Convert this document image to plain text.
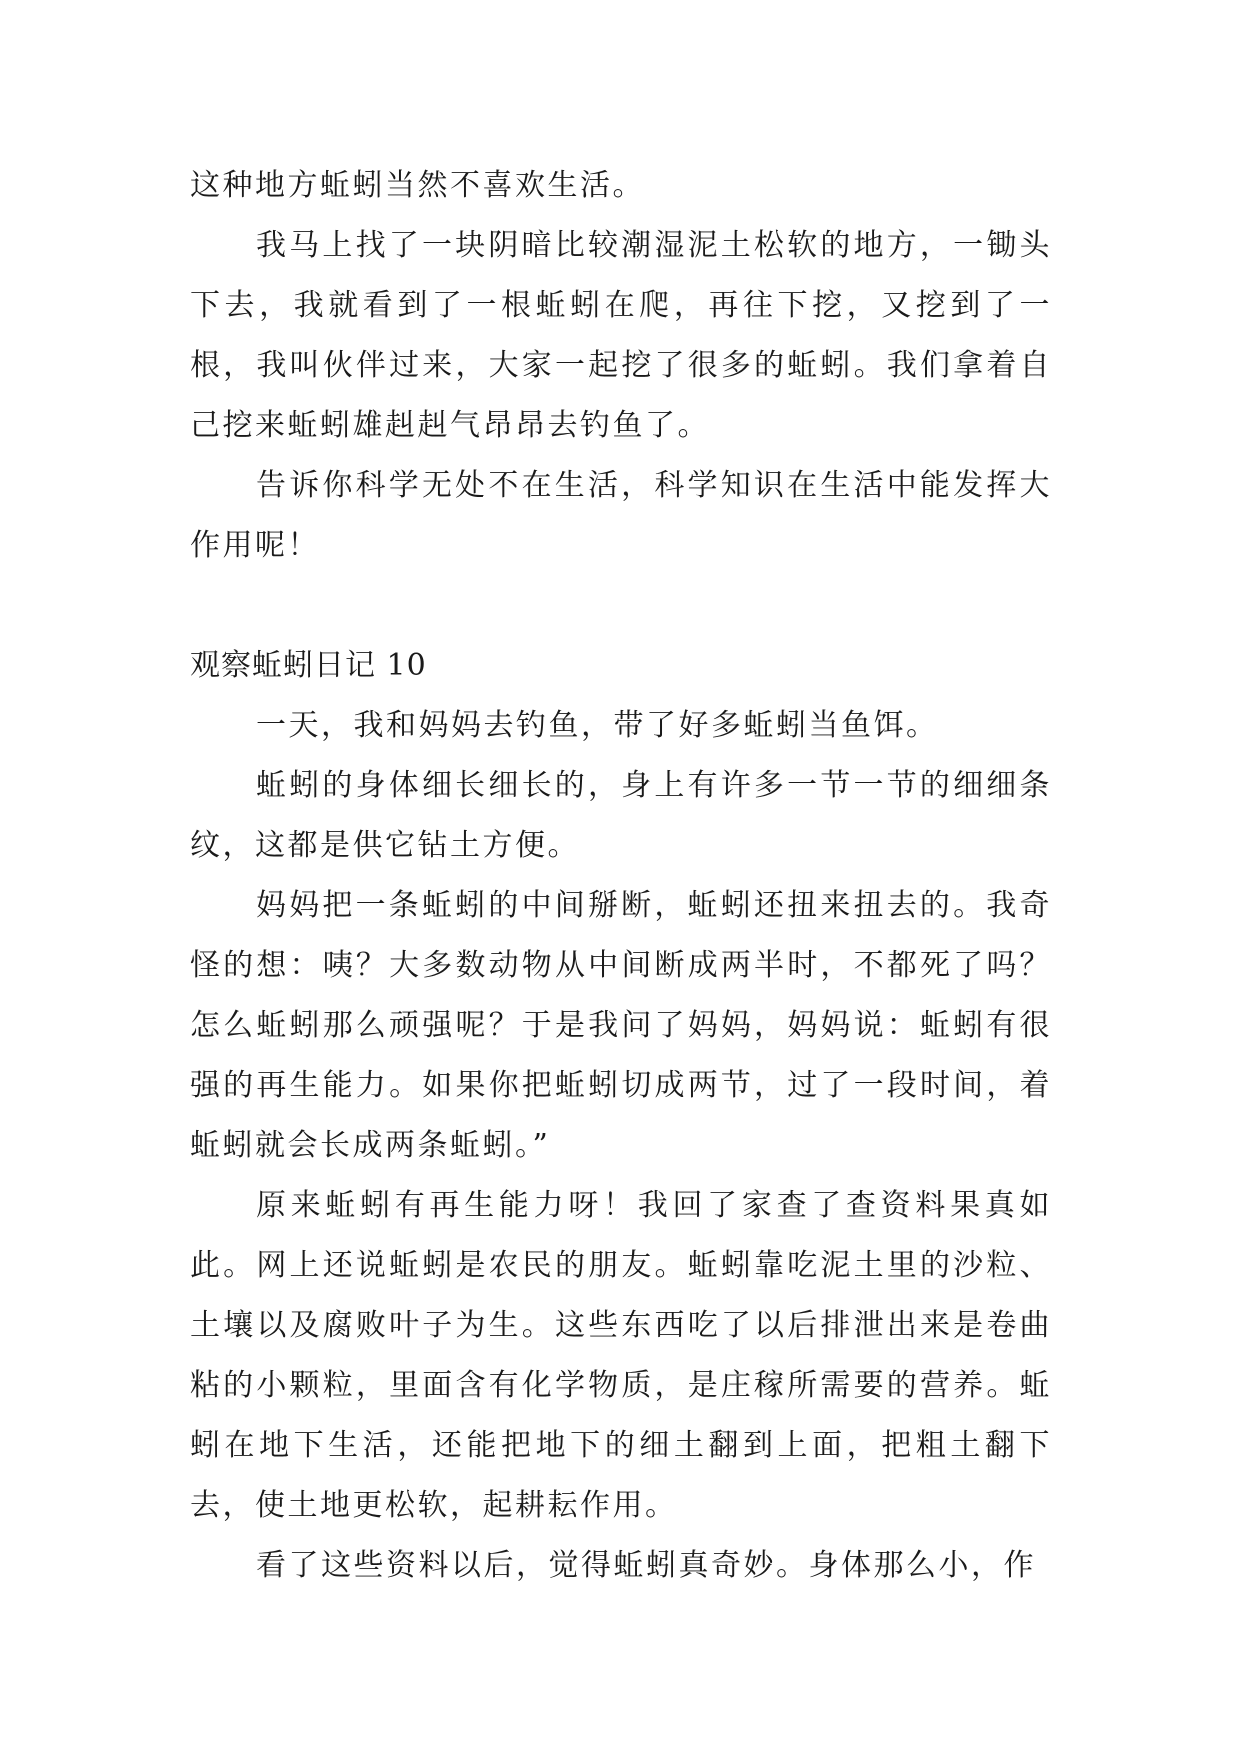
这种地方蚯蚓当然不喜欢生活。

我马上找了一块阴暗比较潮湿泥土松软的地方，一锄头下去，我就看到了一根蚯蚓在爬，再往下挖，又挖到了一根，我叫伙伴过来，大家一起挖了很多的蚯蚓。我们拿着自己挖来蚯蚓雄赳赳气昂昂去钓鱼了。

告诉你科学无处不在生活，科学知识在生活中能发挥大作用呢！

观察蚯蚓日记 10

一天，我和妈妈去钓鱼，带了好多蚯蚓当鱼饵。

蚯蚓的身体细长细长的，身上有许多一节一节的细细条纹，这都是供它钻土方便。

妈妈把一条蚯蚓的中间掰断，蚯蚓还扭来扭去的。我奇怪的想：咦？大多数动物从中间断成两半时，不都死了吗？怎么蚯蚓那么顽强呢？于是我问了妈妈，妈妈说：蚯蚓有很强的再生能力。如果你把蚯蚓切成两节，过了一段时间，着蚯蚓就会长成两条蚯蚓。”

原来蚯蚓有再生能力呀！我回了家查了查资料果真如此。网上还说蚯蚓是农民的朋友。蚯蚓靠吃泥土里的沙粒、土壤以及腐败叶子为生。这些东西吃了以后排泄出来是卷曲粘的小颗粒，里面含有化学物质，是庄稼所需要的营养。蚯蚓在地下生活，还能把地下的细土翻到上面，把粗土翻下去，使土地更松软，起耕耘作用。

看了这些资料以后，觉得蚯蚓真奇妙。身体那么小，作
